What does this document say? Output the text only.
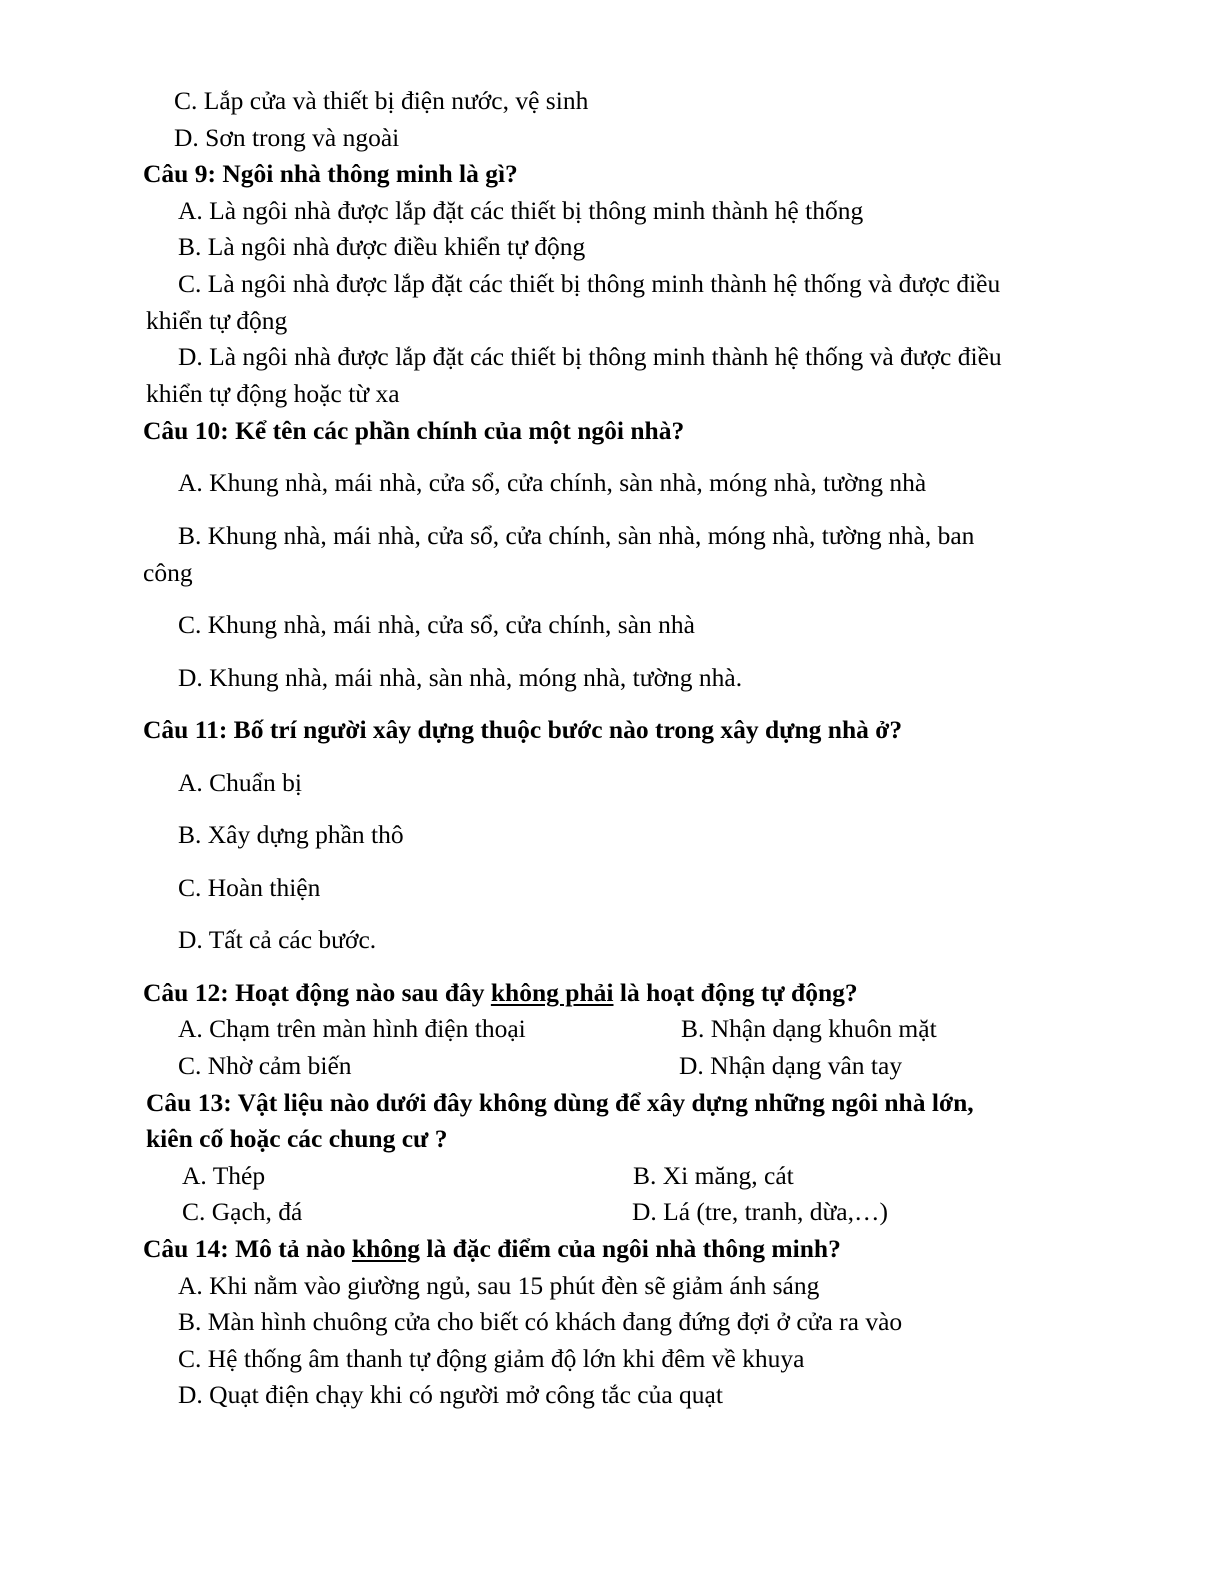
C. Lắp cửa và thiết bị điện nước, vệ sinh
D. Sơn trong và ngoài
Câu 9: Ngôi nhà thông minh là gì?
A. Là ngôi nhà được lắp đặt các thiết bị thông minh thành hệ thống
B. Là ngôi nhà được điều khiển tự động
C. Là ngôi nhà được lắp đặt các thiết bị thông minh thành hệ thống và được điều
khiển tự động
D. Là ngôi nhà được lắp đặt các thiết bị thông minh thành hệ thống và được điều
khiển tự động hoặc từ xa
Câu 10: Kể tên các phần chính của một ngôi nhà?
A. Khung nhà, mái nhà, cửa sổ, cửa chính, sàn nhà, móng nhà, tường nhà
B. Khung nhà, mái nhà, cửa sổ, cửa chính, sàn nhà, móng nhà, tường nhà, ban
công
C. Khung nhà, mái nhà, cửa sổ, cửa chính, sàn nhà
D. Khung nhà, mái nhà, sàn nhà, móng nhà, tường nhà.
Câu 11: Bố trí người xây dựng thuộc bước nào trong xây dựng nhà ở?
A. Chuẩn bị
B. Xây dựng phần thô
C. Hoàn thiện
D. Tất cả các bước.
Câu 12: Hoạt động nào sau đây không phải là hoạt động tự động?
A. Chạm trên màn hình điện thoại	B. Nhận dạng khuôn mặt
C. Nhờ cảm biến	D. Nhận dạng vân tay
Câu 13: Vật liệu nào dưới đây không dùng để xây dựng những ngôi nhà lớn,
kiên cố hoặc các chung cư ?
A. Thép	B. Xi măng, cát
C. Gạch, đá	D. Lá (tre, tranh, dừa,…)
Câu 14: Mô tả nào không là đặc điểm của ngôi nhà thông minh?
A. Khi nằm vào giường ngủ, sau 15 phút đèn sẽ giảm ánh sáng
B. Màn hình chuông cửa cho biết có khách đang đứng đợi ở cửa ra vào
C. Hệ thống âm thanh tự động giảm độ lớn khi đêm về khuya
D. Quạt điện chạy khi có người mở công tắc của quạt
